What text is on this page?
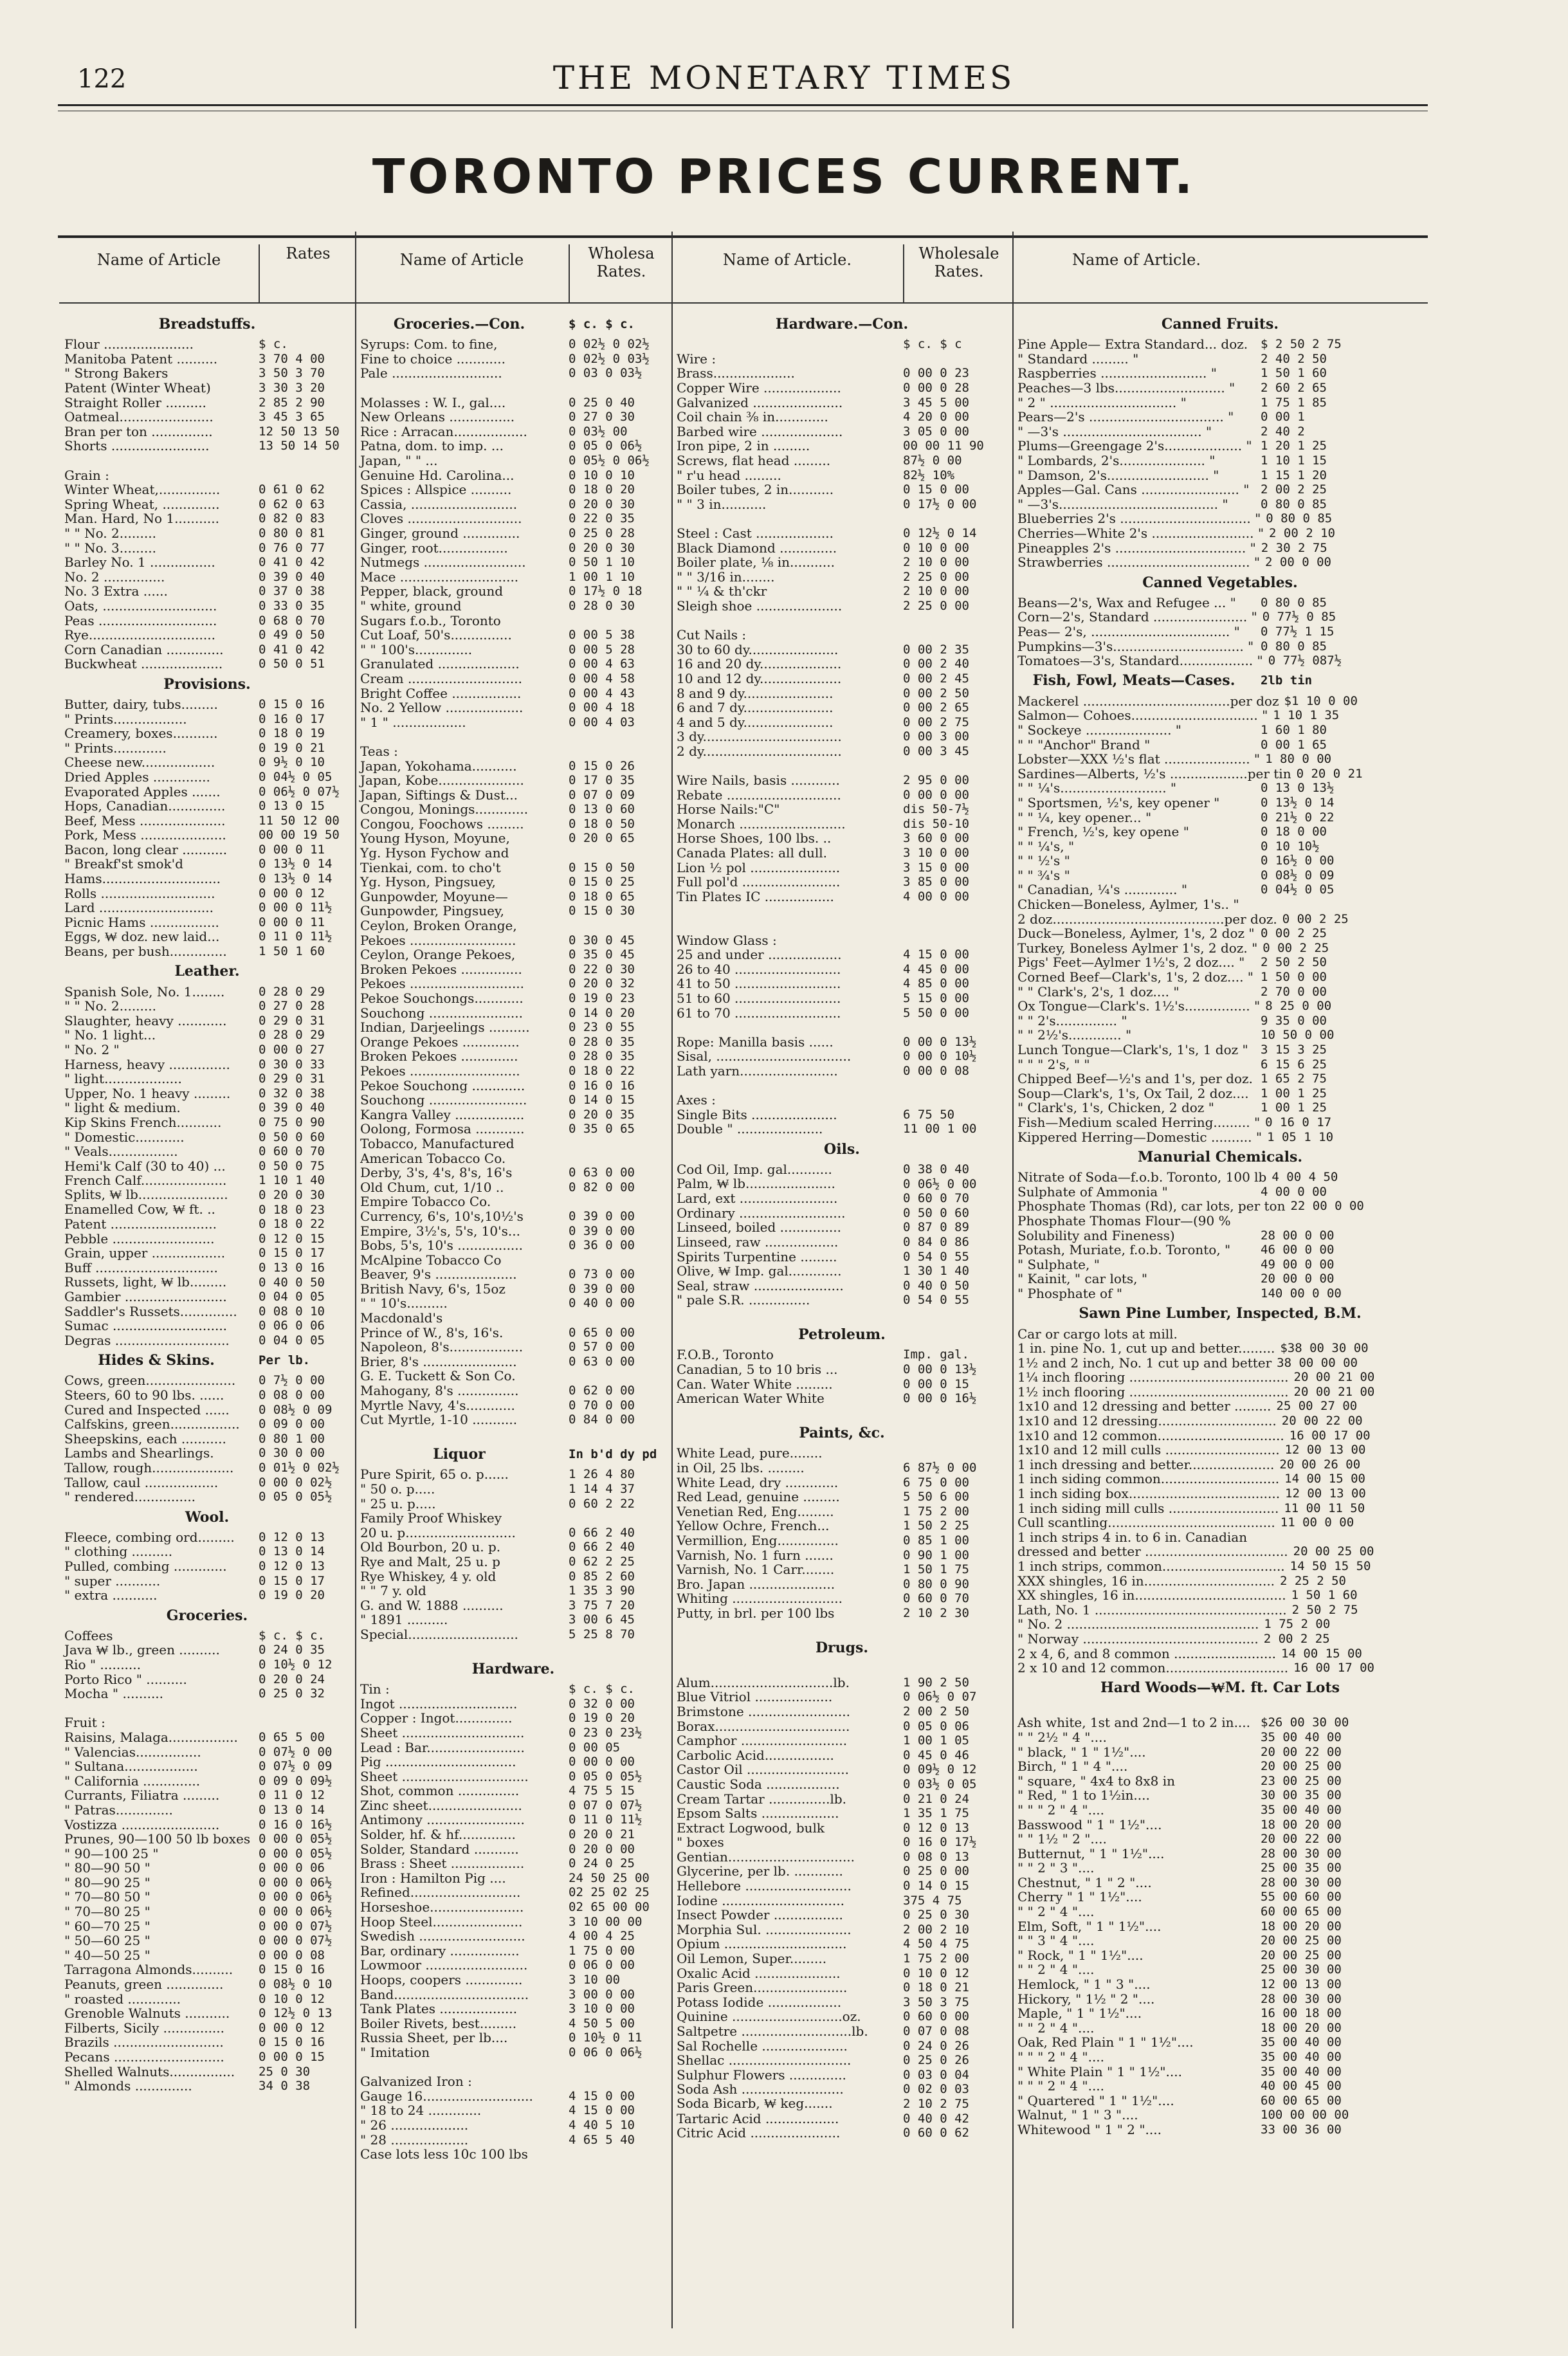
122	THE MONETARY TIMES
TORONTO PRICES CURRENT.
Name of Article	Rates
Breadstuffs.
Flour ......................	$ c.
Manitoba Patent ..........	3 70 4 00
" Strong Bakers	3 50 3 70
Patent (Winter Wheat)	3 30 3 20
Straight Roller ..........	2 85 2 90
Oatmeal.......................	3 45 3 65
Bran per ton ...............	12 50 13 50
Shorts ........................	13 50 14 50
Grain :
Winter Wheat,...............	0 61 0 62
Spring Wheat, ..............	0 62 0 63
Man. Hard, No 1...........	0 82 0 83
" " No. 2.........	0 80 0 81
" " No. 3.........	0 76 0 77
Barley No. 1 ................	0 41 0 42
No. 2 ...............	0 39 0 40
No. 3 Extra ......	0 37 0 38
Oats, ............................	0 33 0 35
Peas .............................	0 68 0 70
Rye...............................	0 49 0 50
Corn Canadian ..............	0 41 0 42
Buckwheat ....................	0 50 0 51
Provisions.
Butter, dairy, tubs.........	0 15 0 16
" Prints..................	0 16 0 17
Creamery, boxes...........	0 18 0 19
" Prints.............	0 19 0 21
Cheese new..................	0 9½ 0 10
Dried Apples ..............	0 04½ 0 05
Evaporated Apples .......	0 06½ 0 07½
Hops, Canadian..............	0 13 0 15
Beef, Mess .....................	11 50 12 00
Pork, Mess .....................	00 00 19 50
Bacon, long clear ...........	0 00 0 11
" Breakf'st smok'd	0 13½ 0 14
Hams.............................	0 13½ 0 14
Rolls ............................	0 00 0 12
Lard ............................	0 00 0 11½
Picnic Hams .................	0 00 0 11
Eggs, ₩ doz. new laid...	0 11 0 11½
Beans, per bush..............	1 50 1 60
Leather.
Spanish Sole, No. 1........	0 28 0 29
" " No. 2.........	0 27 0 28
Slaughter, heavy ............	0 29 0 31
" No. 1 light...	0 28 0 29
" No. 2 "	0 00 0 27
Harness, heavy ...............	0 30 0 33
" light...................	0 29 0 31
Upper, No. 1 heavy .........	0 32 0 38
" light & medium.	0 39 0 40
Kip Skins French...........	0 75 0 90
" Domestic............	0 50 0 60
" Veals.................	0 60 0 70
Hemi'k Calf (30 to 40) ...	0 50 0 75
French Calf.....................	1 10 1 40
Splits, ₩ lb......................	0 20 0 30
Enamelled Cow, ₩ ft. ..	0 18 0 23
Patent ..........................	0 18 0 22
Pebble .........................	0 12 0 15
Grain, upper ..................	0 15 0 17
Buff ..............................	0 13 0 16
Russets, light, ₩ lb.........	0 40 0 50
Gambier .........................	0 04 0 05
Saddler's Russets..............	0 08 0 10
Sumac ............................	0 06 0 06
Degras ............................	0 04 0 05
Hides & Skins.	Per lb.
Cows, green......................	0 7½ 0 00
Steers, 60 to 90 lbs. ......	0 08 0 00
Cured and Inspected ......	0 08½ 0 09
Calfskins, green.................	0 09 0 00
Sheepskins, each ...........	0 80 1 00
Lambs and Shearlings.	0 30 0 00
Tallow, rough....................	0 01½ 0 02½
Tallow, caul ..................	0 00 0 02½
" rendered...............	0 05 0 05½
Wool.
Fleece, combing ord.........	0 12 0 13
" clothing ..........	0 13 0 14
Pulled, combing .............	0 12 0 13
" super ...........	0 15 0 17
" extra ...........	0 19 0 20
Groceries.
Coffees	$ c. $ c.
Java ₩ lb., green ..........	0 24 0 35
Rio " ..........	0 10½ 0 12
Porto Rico " ..........	0 20 0 24
Mocha " ..........	0 25 0 32
Fruit :
Raisins, Malaga.................	0 65 5 00
" Valencias................	0 07½ 0 00
" Sultana..................	0 07½ 0 09
" California ..............	0 09 0 09½
Currants, Filiatra .........	0 11 0 12
" Patras..............	0 13 0 14
Vostizza ........................	0 16 0 16½
Prunes, 90—100 50 lb boxes 0 00 0 05½
" 90—100 25 "	0 00 0 05½
" 80—90 50 "	0 00 0 06
" 80—90 25 "	0 00 0 06½
" 70—80 50 "	0 00 0 06½
" 70—80 25 "	0 00 0 06½
" 60—70 25 "	0 00 0 07½
" 50—60 25 "	0 00 0 07½
" 40—50 25 "	0 00 0 08
Tarragona Almonds..........	0 15 0 16
Peanuts, green ..............	0 08½ 0 10
" roasted .............	0 10 0 12
Grenoble Walnuts ...........	0 12½ 0 13
Filberts, Sicily ...............	0 00 0 12
Brazils ...........................	0 15 0 16
Pecans ...........................	0 00 0 15
Shelled Walnuts................	25 0 30
" Almonds ..............	34 0 38
Name of Article	Wholesa Rates.
Groceries.—Con.	$ c. $ c.
Syrups: Com. to fine,	0 02½ 0 02½
Fine to choice ............	0 02½ 0 03½
Pale ...........................	0 03 0 03½
Molasses : W. I., gal....	0 25 0 40
New Orleans ................	0 27 0 30
Rice : Arracan..................	0 03½ 00
Patna, dom. to imp. ...	0 05 0 06½
Japan, " " ...	0 05½ 0 06½
Genuine Hd. Carolina...	0 10 0 10
Spices : Allspice ..........	0 18 0 20
Cassia, ..........................	0 20 0 30
Cloves ............................	0 22 0 35
Ginger, ground ..............	0 25 0 28
Ginger, root.................	0 20 0 30
Nutmegs .........................	0 50 1 10
Mace .............................	1 00 1 10
Pepper, black, ground	0 17½ 0 18
" white, ground	0 28 0 30
Sugars f.o.b., Toronto
Cut Loaf, 50's...............	0 00 5 38
" " 100's..............	0 00 5 28
Granulated ....................	0 00 4 63
Cream ............................	0 00 4 58
Bright Coffee .................	0 00 4 43
No. 2 Yellow ...................	0 00 4 18
" 1 " ..................	0 00 4 03
Teas :
Japan, Yokohama...........	0 15 0 26
Japan, Kobe.....................	0 17 0 35
Japan, Siftings & Dust...	0 07 0 09
Congou, Monings.............	0 13 0 60
Congou, Foochows .........	0 18 0 50
Young Hyson, Moyune,	0 20 0 65
Yg. Hyson Fychow and
Tienkai, com. to cho't	0 15 0 50
Yg. Hyson, Pingsuey,	0 15 0 25
Gunpowder, Moyune—	0 18 0 65
Gunpowder, Pingsuey,	0 15 0 30
Ceylon, Broken Orange,
Pekoes ..........................	0 30 0 45
Ceylon, Orange Pekoes,	0 35 0 45
Broken Pekoes ...............	0 22 0 30
Pekoes ............................	0 20 0 32
Pekoe Souchongs............	0 19 0 23
Souchong .......................	0 14 0 20
Indian, Darjeelings ..........	0 23 0 55
Orange Pekoes ..............	0 28 0 35
Broken Pekoes ..............	0 28 0 35
Pekoes ...........................	0 18 0 22
Pekoe Souchong .............	0 16 0 16
Souchong ........................	0 14 0 15
Kangra Valley .................	0 20 0 35
Oolong, Formosa ............	0 35 0 65
Tobacco, Manufactured
American Tobacco Co.
Derby, 3's, 4's, 8's, 16's	0 63 0 00
Old Chum, cut, 1/10 ..	0 82 0 00
Empire Tobacco Co.
Currency, 6's, 10's,10½'s	0 39 0 00
Empire, 3½'s, 5's, 10's...	0 39 0 00
Bobs, 5's, 10's ................	0 36 0 00
McAlpine Tobacco Co
Beaver, 9's ....................	0 73 0 00
British Navy, 6's, 15oz	0 39 0 00
" " 10's..........	0 40 0 00
Macdonald's
Prince of W., 8's, 16's.	0 65 0 00
Napoleon, 8's..................	0 57 0 00
Brier, 8's .......................	0 63 0 00
G. E. Tuckett & Son Co.
Mahogany, 8's ...............	0 62 0 00
Myrtle Navy, 4's............	0 70 0 00
Cut Myrtle, 1-10 ...........	0 84 0 00
Liquor	In b'd dy pd
Pure Spirit, 65 o. p......	1 26 4 80
" 50 o. p.....	1 14 4 37
" 25 u. p.....	0 60 2 22
Family Proof Whiskey
20 u. p...........................	0 66 2 40
Old Bourbon, 20 u. p.	0 66 2 40
Rye and Malt, 25 u. p	0 62 2 25
Rye Whiskey, 4 y. old	0 85 2 60
" " 7 y. old	1 35 3 90
G. and W. 1888 ..........	3 75 7 20
" 1891 ..........	3 00 6 45
Special...........................	5 25 8 70
Hardware.
Tin :	$ c. $ c.
Ingot .............................	0 32 0 00
Copper : Ingot..............	0 19 0 20
Sheet ..............................	0 23 0 23½
Lead : Bar........................	0 00 05
Pig ................................	0 00 0 00
Sheet ...............................	0 05 0 05½
Shot, common ...............	4 75 5 15
Zinc sheet.......................	0 07 0 07½
Antimony ........................	0 11 0 11½
Solder, hf. & hf..............	0 20 0 21
Solder, Standard ...........	0 20 0 00
Brass : Sheet ..................	0 24 0 25
Iron : Hamilton Pig ....	24 50 25 00
Refined...........................	02 25 02 25
Horseshoe.......................	02 65 00 00
Hoop Steel......................	3 10 00 00
Swedish ..........................	4 00 4 25
Bar, ordinary .................	1 75 0 00
Lowmoor .........................	0 06 0 00
Hoops, coopers ..............	3 10 00
Band.................................	3 00 0 00
Tank Plates ...................	3 10 0 00
Boiler Rivets, best.........	4 50 5 00
Russia Sheet, per lb....	0 10½ 0 11
" Imitation	0 06 0 06½
Galvanized Iron :
Gauge 16...........................	4 15 0 00
" 18 to 24 .............	4 15 0 00
" 26 ...................	4 40 5 10
" 28 ...................	4 65 5 40
Case lots less 10c 100 lbs
Name of Article.	Wholesale Rates.
Hardware.—Con.
$ c. $ c
Wire :
Brass....................	0 00 0 23
Copper Wire ...................	0 00 0 28
Galvanized ......................	3 45 5 00
Coil chain ⅜ in.............	4 20 0 00
Barbed wire ....................	3 05 0 00
Iron pipe, 2 in .........	00 00 11 90
Screws, flat head .........	87½ 0 00
" r'u head .........	82½ 10%
Boiler tubes, 2 in...........	0 15 0 00
" " 3 in...........	0 17½ 0 00
Steel : Cast ...................	0 12½ 0 14
Black Diamond ..............	0 10 0 00
Boiler plate, ⅛ in...........	2 10 0 00
" " 3/16 in........	2 25 0 00
" " ¼ & th'ckr	2 10 0 00
Sleigh shoe .....................	2 25 0 00
Cut Nails :
30 to 60 dy......................	0 00 2 35
16 and 20 dy....................	0 00 2 40
10 and 12 dy....................	0 00 2 45
8 and 9 dy......................	0 00 2 50
6 and 7 dy......................	0 00 2 65
4 and 5 dy......................	0 00 2 75
3 dy..................................	0 00 3 00
2 dy..................................	0 00 3 45
Wire Nails, basis ............	2 95 0 00
Rebate ............................	0 00 0 00
Horse Nails:"C"	dis 50-7½
Monarch ..........................	dis 50-10
Horse Shoes, 100 lbs. ..	3 60 0 00
Canada Plates: all dull.	3 10 0 00
Lion ½ pol ......................	3 15 0 00
Full pol'd ........................	3 85 0 00
Tin Plates IC .................	4 00 0 00
Window Glass :
25 and under ..................	4 15 0 00
26 to 40 ..........................	4 45 0 00
41 to 50 ..........................	4 85 0 00
51 to 60 ..........................	5 15 0 00
61 to 70 ..........................	5 50 0 00
Rope: Manilla basis ......	0 00 0 13½
Sisal, .................................	0 00 0 10½
Lath yarn........................	0 00 0 08
Axes :
Single Bits .....................	6 75 50
Double " .....................	11 00 1 00
Oils.
Cod Oil, Imp. gal...........	0 38 0 40
Palm, ₩ lb......................	0 06½ 0 00
Lard, ext ........................	0 60 0 70
Ordinary ..........................	0 50 0 60
Linseed, boiled ...............	0 87 0 89
Linseed, raw ..................	0 84 0 86
Spirits Turpentine .........	0 54 0 55
Olive, ₩ Imp. gal.............	1 30 1 40
Seal, straw ......................	0 40 0 50
" pale S.R. ...............	0 54 0 55
Petroleum.
F.O.B., Toronto	Imp. gal.
Canadian, 5 to 10 bris ...	0 00 0 13½
Can. Water White .........	0 00 0 15
American Water White	0 00 0 16½
Paints, &c.
White Lead, pure........
in Oil, 25 lbs. .........	6 87½ 0 00
White Lead, dry .............	6 75 0 00
Red Lead, genuine .........	5 50 6 00
Venetian Red, Eng.........	1 75 2 00
Yellow Ochre, French...	1 50 2 25
Vermillion, Eng...............	0 85 1 00
Varnish, No. 1 furn .......	0 90 1 00
Varnish, No. 1 Carr........	1 50 1 75
Bro. Japan .....................	0 80 0 90
Whiting ...........................	0 60 0 70
Putty, in brl. per 100 lbs	2 10 2 30
Drugs.
Alum..............................lb.	1 90 2 50
Blue Vitriol ...................	0 06½ 0 07
Brimstone .........................	2 00 2 50
Borax.................................	0 05 0 06
Camphor ..........................	1 00 1 05
Carbolic Acid.................	0 45 0 46
Castor Oil .........................	0 09½ 0 12
Caustic Soda ..................	0 03½ 0 05
Cream Tartar ...............lb.	0 21 0 24
Epsom Salts ...................	1 35 1 75
Extract Logwood, bulk	0 12 0 13
" boxes	0 16 0 17½
Gentian...............................	0 08 0 13
Glycerine, per lb. ............	0 25 0 00
Hellebore ..........................	0 14 0 15
Iodine ..............................	375 4 75
Insect Powder .................	0 25 0 30
Morphia Sul. .....................	2 00 2 10
Opium ..............................	4 50 4 75
Oil Lemon, Super.........	1 75 2 00
Oxalic Acid .....................	0 10 0 12
Paris Green.......................	0 18 0 21
Potass Iodide ..................	3 50 3 75
Quinine ...........................oz.	0 60 0 00
Saltpetre ...........................lb.	0 07 0 08
Sal Rochelle .....................	0 24 0 26
Shellac ..............................	0 25 0 26
Sulphur Flowers ..............	0 03 0 04
Soda Ash .........................	0 02 0 03
Soda Bicarb, ₩ keg.......	2 10 2 75
Tartaric Acid ..................	0 40 0 42
Citric Acid ......................	0 60 0 62
Name of Article.
Canned Fruits.
Pine Apple— Extra Standard... doz.	$ 2 50 2 75
" Standard ......... "	2 40 2 50
Raspberries .......................... "	1 50 1 60
Peaches—3 lbs........................... "	2 60 2 65
" 2 " ............................... "	1 75 1 85
Pears—2's ................................. "	0 00 1
" —3's .................................. "	2 40 2
Plums—Greengage 2's................... " 1 20 1 25
" Lombards, 2's..................... "	1 10 1 15
" Damson, 2's......................... "	1 15 1 20
Apples—Gal. Cans ........................ " 2 00 2 25
" —3's....................................... "	0 80 0 85
Blueberries 2's ................................ " 0 80 0 85
Cherries—White 2's ......................... " 2 00 2 10
Pineapples 2's ................................ " 2 30 2 75
Strawberries ................................... " 2 00 0 00
Canned Vegetables.
Beans—2's, Wax and Refugee ... "	0 80 0 85
Corn—2's, Standard ....................... " 0 77½ 0 85
Peas— 2's, .................................. "	0 77½ 1 15
Pumpkins—3's................................ " 0 80 0 85
Tomatoes—3's, Standard.................. " 0 77½ 087½
Fish, Fowl, Meats—Cases.	2lb tin
Mackerel ....................................per doz $1 10 0 00
Salmon— Cohoes............................... " 1 10 1 35
" Sockeye ..................... "	1 60 1 80
" " "Anchor" Brand "	0 00 1 65
Lobster—XXX ½'s flat ..................... " 1 80 0 00
Sardines—Alberts, ½'s ...................per tin 0 20 0 21
" " ¼'s.......................... "	0 13 0 13½
" Sportsmen, ½'s, key opener "	0 13½ 0 14
" " ¼, key opener... "	0 21½ 0 22
" French, ½'s, key opene "	0 18 0 00
" " ¼'s, "	0 10 10½
" " ½'s "	0 16½ 0 00
" " ¾'s "	0 08½ 0 09
" Canadian, ¼'s ............. "	0 04½ 0 05
Chicken—Boneless, Aylmer, 1's.. "
2 doz..........................................per doz. 0 00 2 25
Duck—Boneless, Aylmer, 1's, 2 doz " 0 00 2 25
Turkey, Boneless Aylmer 1's, 2 doz. " 0 00 2 25
Pigs' Feet—Aylmer 1½'s, 2 doz.... "	2 50 2 50
Corned Beef—Clark's, 1's, 2 doz.... " 1 50 0 00
" " Clark's, 2's, 1 doz.... "	2 70 0 00
Ox Tongue—Clark's. 1½'s................ " 8 25 0 00
" " 2's............... "	9 35 0 00
" " 2½'s............. "	10 50 0 00
Lunch Tongue—Clark's, 1's, 1 doz "	3 15 3 25
" " " 2's, " "	6 15 6 25
Chipped Beef—½'s and 1's, per doz. 1 65 2 75
Soup—Clark's, 1's, Ox Tail, 2 doz.... 1 00 1 25
" Clark's, 1's, Chicken, 2 doz "	1 00 1 25
Fish—Medium scaled Herring......... " 0 16 0 17
Kippered Herring—Domestic .......... " 1 05 1 10
Manurial Chemicals.
Nitrate of Soda—f.o.b. Toronto, 100 lb 4 00 4 50
Sulphate of Ammonia "	4 00 0 00
Phosphate Thomas (Rd), car lots, per ton 22 00 0 00
Phosphate Thomas Flour—(90 %
Solubility and Fineness)	28 00 0 00
Potash, Muriate, f.o.b. Toronto, "	46 00 0 00
" Sulphate, "	49 00 0 00
" Kainit, " car lots, "	20 00 0 00
" Phosphate of "	140 00 0 00
Sawn Pine Lumber, Inspected, B.M.
Car or cargo lots at mill.
1 in. pine No. 1, cut up and better......... $38 00 30 00
1½ and 2 inch, No. 1 cut up and better 38 00 00 00
1¼ inch flooring ....................................... 20 00 21 00
1½ inch flooring ....................................... 20 00 21 00
1x10 and 12 dressing and better ......... 25 00 27 00
1x10 and 12 dressing............................. 20 00 22 00
1x10 and 12 common............................... 16 00 17 00
1x10 and 12 mill culls ............................ 12 00 13 00
1 inch dressing and better..................... 20 00 26 00
1 inch siding common............................. 14 00 15 00
1 inch siding box..................................... 12 00 13 00
1 inch siding mill culls ........................... 11 00 11 50
Cull scantling......................................... 11 00 0 00
1 inch strips 4 in. to 6 in. Canadian
dressed and better ................................... 20 00 25 00
1 inch strips, common.............................. 14 50 15 50
XXX shingles, 16 in................................ 2 25 2 50
XX shingles, 16 in..................................... 1 50 1 60
Lath, No. 1 ............................................... 2 50 2 75
" No. 2 ............................................... 1 75 2 00
" Norway ........................................... 2 00 2 25
2 x 4, 6, and 8 common ......................... 14 00 15 00
2 x 10 and 12 common.............................. 16 00 17 00
Hard Woods—₩M. ft. Car Lots
Ash white, 1st and 2nd—1 to 2 in.... $26 00 30 00
" " 2½ " 4 "....	35 00 40 00
" black, " 1 " 1½"....	20 00 22 00
Birch, " 1 " 4 "....	20 00 25 00
" square, " 4x4 to 8x8 in	23 00 25 00
" Red, " 1 to 1½in....	30 00 35 00
" " " 2 " 4 "....	35 00 40 00
Basswood " 1 " 1½"....	18 00 20 00
" " 1½ " 2 "....	20 00 22 00
Butternut, " 1 " 1½"....	28 00 30 00
" " 2 " 3 "....	25 00 35 00
Chestnut, " 1 " 2 "....	28 00 30 00
Cherry " 1 " 1½"....	55 00 60 00
" " 2 " 4 "....	60 00 65 00
Elm, Soft, " 1 " 1½"....	18 00 20 00
" " 3 " 4 "....	20 00 25 00
" Rock, " 1 " 1½"....	20 00 25 00
" " 2 " 4 "....	25 00 30 00
Hemlock, " 1 " 3 "....	12 00 13 00
Hickory, " 1½ " 2 "....	28 00 30 00
Maple, " 1 " 1½"....	16 00 18 00
" " 2 " 4 "....	18 00 20 00
Oak, Red Plain " 1 " 1½"....	35 00 40 00
" " " 2 " 4 "....	35 00 40 00
" White Plain " 1 " 1½"....	35 00 40 00
" " " 2 " 4 "....	40 00 45 00
" Quartered " 1 " 1½"....	60 00 65 00
Walnut, " 1 " 3 "....	100 00 00 00
Whitewood " 1 " 2 "....	33 00 36 00
